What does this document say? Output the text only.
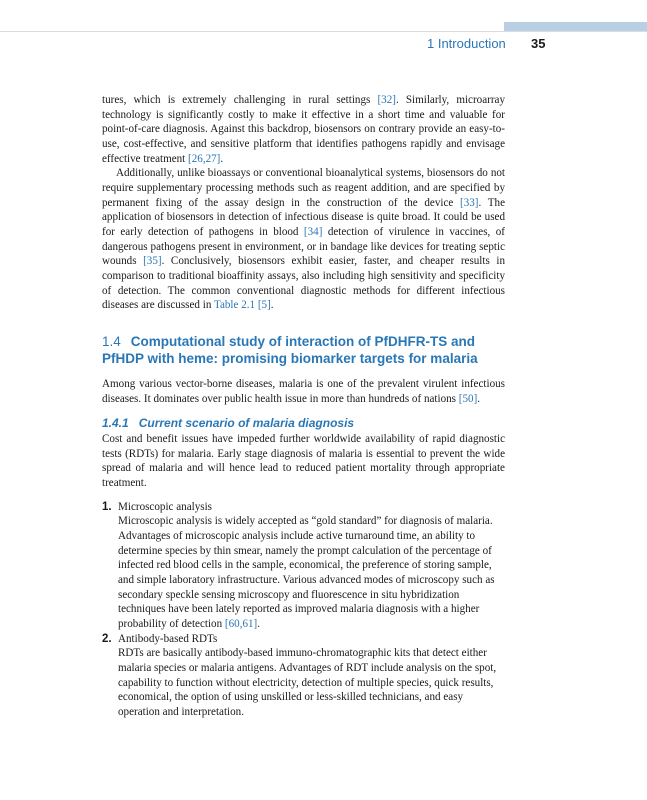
1 Introduction 35

tures, which is extremely challenging in rural settings [32]. Similarly, microarray technology is significantly costly to make it effective in a short time and valuable for point-of-care diagnosis. Against this backdrop, biosensors on contrary provide an easy-to-use, cost-effective, and sensitive platform that identifies pathogens rapidly and envisage effective treatment [26,27].

Additionally, unlike bioassays or conventional bioanalytical systems, biosensors do not require supplementary processing methods such as reagent addition, and are specified by permanent fixing of the assay design in the construction of the device [33]. The application of biosensors in detection of infectious disease is quite broad. It could be used for early detection of pathogens in blood [34] detection of virulence in vaccines, of dangerous pathogens present in environment, or in bandage like devices for treating septic wounds [35]. Conclusively, biosensors exhibit easier, faster, and cheaper results in comparison to traditional bioaffinity assays, also including high sensitivity and specificity of detection. The common conventional diagnostic methods for different infectious diseases are discussed in Table 2.1 [5].

1.4 Computational study of interaction of PfDHFR-TS and PfHDP with heme: promising biomarker targets for malaria

Among various vector-borne diseases, malaria is one of the prevalent virulent infectious diseases. It dominates over public health issue in more than hundreds of nations [50].

1.4.1 Current scenario of malaria diagnosis

Cost and benefit issues have impeded further worldwide availability of rapid diagnostic tests (RDTs) for malaria. Early stage diagnosis of malaria is essential to prevent the wide spread of malaria and will hence lead to reduced patient mortality through appropriate treatment.

1. Microscopic analysis
Microscopic analysis is widely accepted as “gold standard” for diagnosis of malaria. Advantages of microscopic analysis include active turnaround time, an ability to determine species by thin smear, namely the prompt calculation of the percentage of infected red blood cells in the sample, economical, the preference of storing sample, and simple laboratory infrastructure. Various advanced modes of microscopy such as secondary speckle sensing microscopy and fluorescence in situ hybridization techniques have been lately reported as improved malaria diagnosis with a higher probability of detection [60,61].
2. Antibody-based RDTs
RDTs are basically antibody-based immuno-chromatographic kits that detect either malaria species or malaria antigens. Advantages of RDT include analysis on the spot, capability to function without electricity, detection of multiple species, quick results, economical, the option of using unskilled or less-skilled technicians, and easy operation and interpretation.
